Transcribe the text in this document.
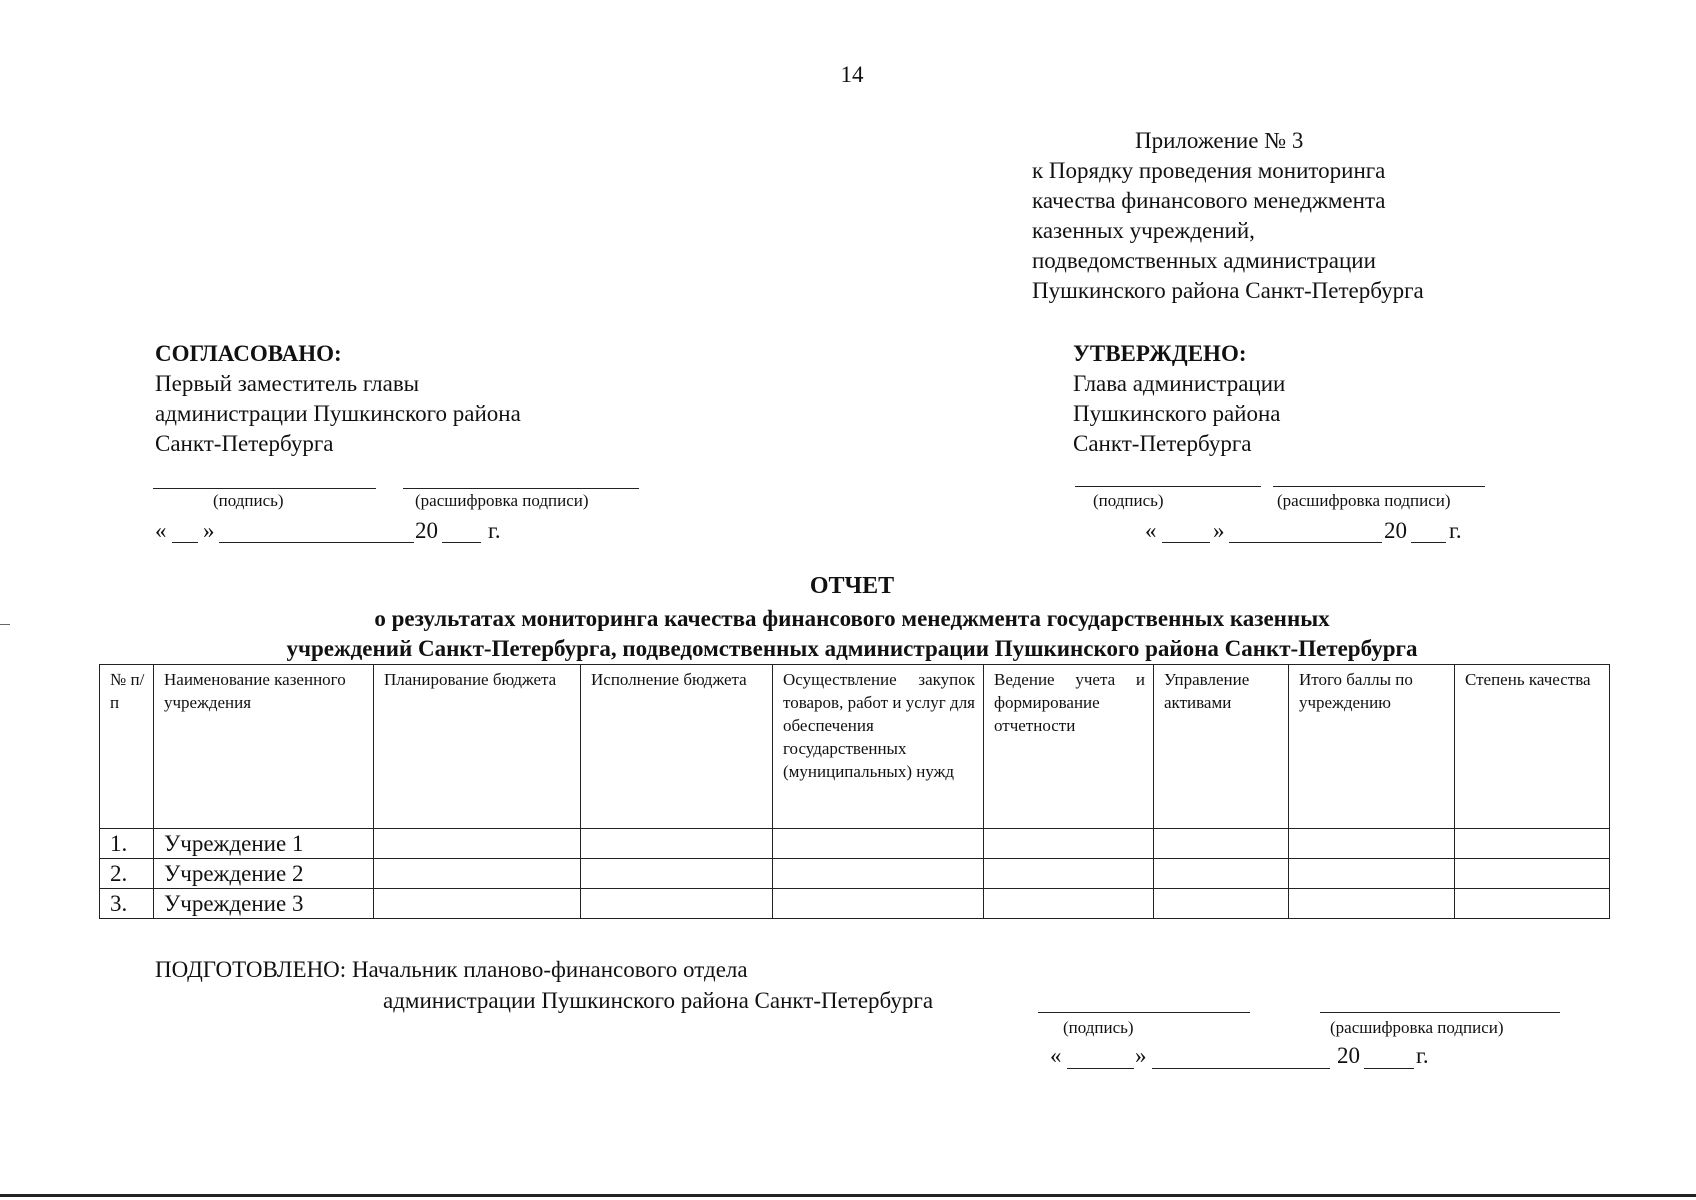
14
Приложение № 3
к Порядку проведения мониторинга
качества финансового менеджмента
казенных учреждений,
подведомственных администрации
Пушкинского района Санкт-Петербурга
СОГЛАСОВАНО:
Первый заместитель главы
администрации Пушкинского района
Санкт-Петербурга
(подпись)	(расшифровка подписи)
« »	20 г.
УТВЕРЖДЕНО:
Глава администрации
Пушкинского района
Санкт-Петербурга
(подпись)	(расшифровка подписи)
« »	20 г.
ОТЧЕТ
о результатах мониторинга качества финансового менеджмента государственных казенных
учреждений Санкт-Петербурга, подведомственных администрации Пушкинского района Санкт-Петербурга
№ п/п	Наименование казенного учреждения	Планирование бюджета	Исполнение бюджета	Осуществление закупок товаров, работ и услуг для обеспечения государственных (муниципальных) нужд	Ведение учета и формирование отчетности	Управление активами	Итого баллы по учреждению	Степень качества
1.	Учреждение 1							
2.	Учреждение 2							
3.	Учреждение 3							
ПОДГОТОВЛЕНО: Начальник планово-финансового отдела
администрации Пушкинского района Санкт-Петербурга
(подпись)	(расшифровка подписи)
«	»	20 г.
